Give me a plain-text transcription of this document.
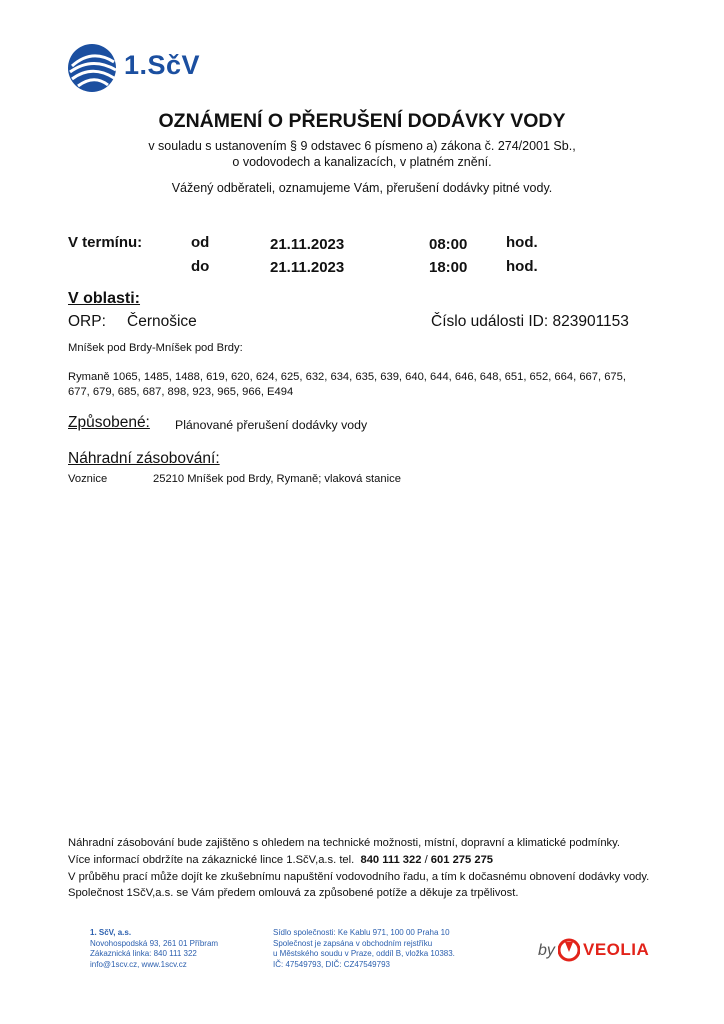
1.SčV
OZNÁMENÍ O PŘERUŠENÍ DODÁVKY VODY
v souladu s ustanovením § 9 odstavec 6 písmeno a) zákona č. 274/2001 Sb.,
o vodovodech a kanalizacích, v platném znění.
Vážený odběrateli, oznamujeme Vám, přerušení dodávky pitné vody.
V termínu:	od	21.11.2023	08:00	hod.
do	21.11.2023	18:00	hod.
V oblasti:
ORP: Černošice	Číslo události ID: 823901153
Mníšek pod Brdy-Mníšek pod Brdy:
Rymaně 1065, 1485, 1488, 619, 620, 624, 625, 632, 634, 635, 639, 640, 644, 646, 648, 651, 652, 664, 667, 675,
677, 679, 685, 687, 898, 923, 965, 966, E494
Způsobené: Plánované přerušení dodávky vody
Náhradní zásobování:
Voznice	25210 Mníšek pod Brdy, Rymaně; vlaková stanice
Náhradní zásobování bude zajištěno s ohledem na technické možnosti, místní, dopravní a klimatické podmínky.
Více informací obdržíte na zákaznické lince 1.SčV,a.s. tel. 840 111 322 / 601 275 275
V průběhu prací může dojít ke zkušebnímu napuštění vodovodního řadu, a tím k dočasnému obnovení dodávky vody.
Společnost 1SčV,a.s. se Vám předem omlouvá za způsobené potíže a děkuje za trpělivost.
1. SčV, a.s.
Novohospodská 93, 261 01 Příbram
Zákaznická linka: 840 111 322
info@1scv.cz, www.1scv.cz
Sídlo společnosti: Ke Kablu 971, 100 00 Praha 10
Společnost je zapsána v obchodním rejstříku
u Městského soudu v Praze, oddíl B, vložka 10383.
IČ: 47549793, DIČ: CZ47549793
by VEOLIA
